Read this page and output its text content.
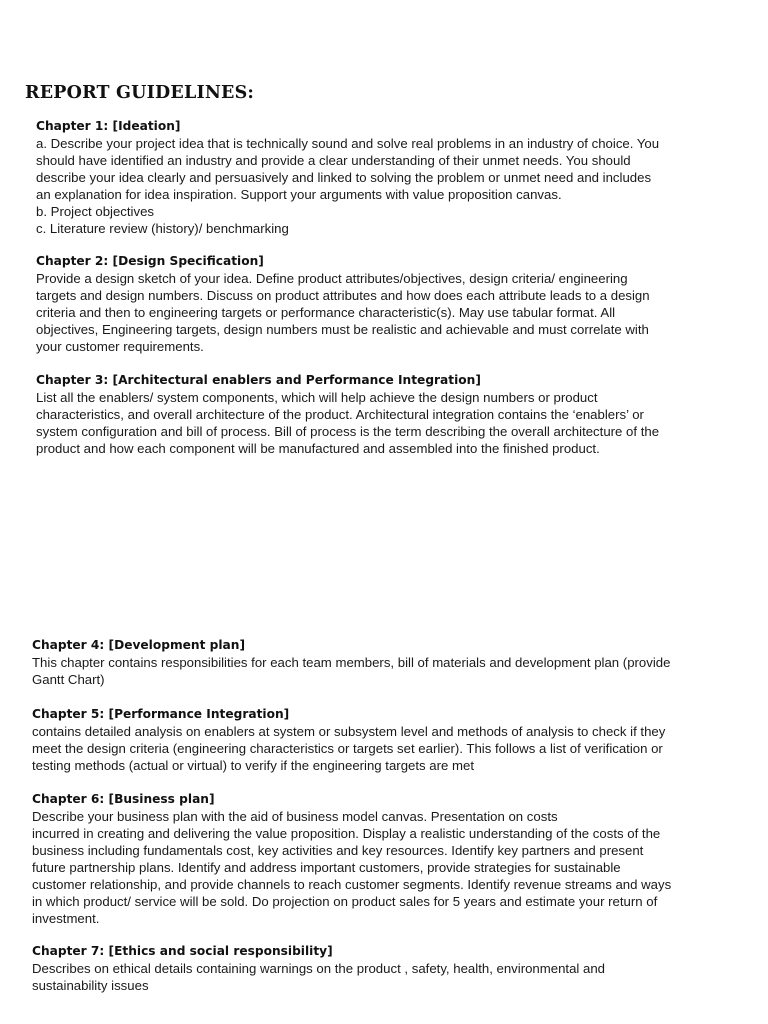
REPORT GUIDELINES:
Chapter 1: [Ideation]
a. Describe your project idea that is technically sound and solve real problems in an industry of choice. You
should have identified an industry and provide a clear understanding of their unmet needs. You should
describe your idea clearly and persuasively and linked to solving the problem or unmet need and includes
an explanation for idea inspiration. Support your arguments with value proposition canvas.
b. Project objectives
c. Literature review (history)/ benchmarking
Chapter 2: [Design Specification]
Provide a design sketch of your idea. Define product attributes/objectives, design criteria/ engineering
targets and design numbers. Discuss on product attributes and how does each attribute leads to a design
criteria and then to engineering targets or performance characteristic(s). May use tabular format. All
objectives, Engineering targets, design numbers must be realistic and achievable and must correlate with
your customer requirements.
Chapter 3: [Architectural enablers and Performance Integration]
List all the enablers/ system components, which will help achieve the design numbers or product
characteristics, and overall architecture of the product. Architectural integration contains the ‘enablers’ or
system configuration and bill of process. Bill of process is the term describing the overall architecture of the
product and how each component will be manufactured and assembled into the finished product.
Chapter 4: [Development plan]
This chapter contains responsibilities for each team members, bill of materials and development plan (provide
Gantt Chart)
Chapter 5: [Performance Integration]
contains detailed analysis on enablers at system or subsystem level and methods of analysis to check if they
meet the design criteria (engineering characteristics or targets set earlier). This follows a list of verification or
testing methods (actual or virtual) to verify if the engineering targets are met
Chapter 6: [Business plan]
Describe your business plan with the aid of business model canvas. Presentation on costs
incurred in creating and delivering the value proposition. Display a realistic understanding of the costs of the
business including fundamentals cost, key activities and key resources. Identify key partners and present
future partnership plans. Identify and address important customers, provide strategies for sustainable
customer relationship, and provide channels to reach customer segments. Identify revenue streams and ways
in which product/ service will be sold. Do projection on product sales for 5 years and estimate your return of
investment.
Chapter 7: [Ethics and social responsibility]
Describes on ethical details containing warnings on the product , safety, health, environmental and
sustainability issues
